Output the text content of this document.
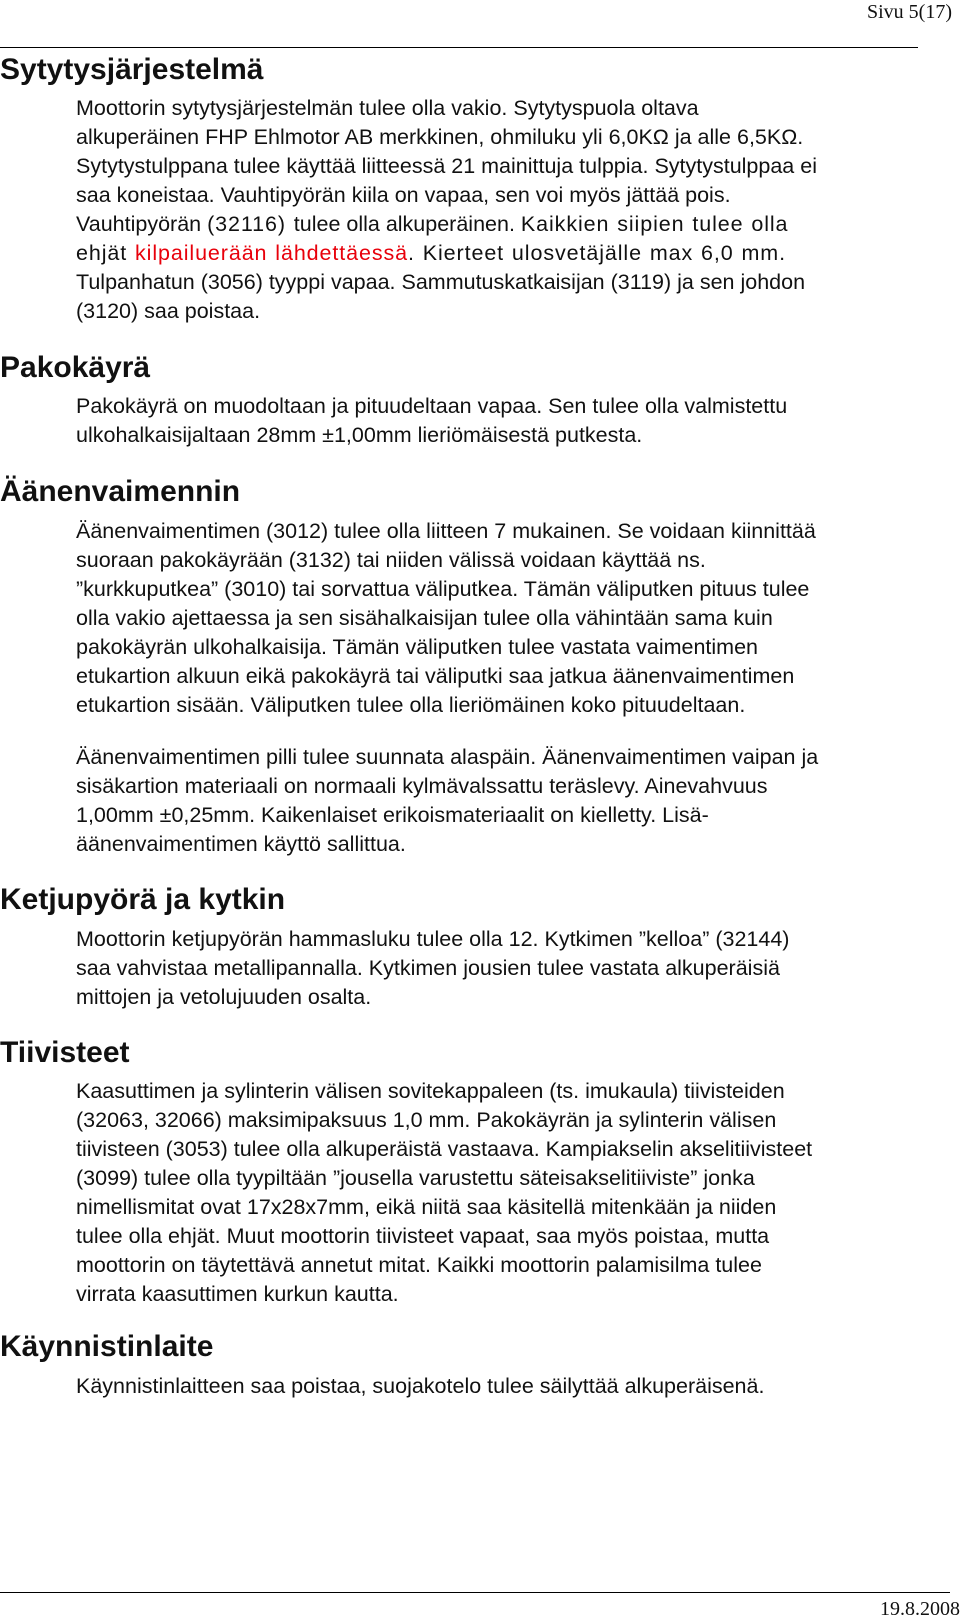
Sivu 5(17)
Sytytysjärjestelmä

Moottorin sytytysjärjestelmän tulee olla vakio. Sytytyspuola oltava
alkuperäinen FHP Ehlmotor AB merkkinen, ohmiluku yli 6,0KΩ ja alle 6,5KΩ.
Sytytystulppana tulee käyttää liitteessä 21 mainittuja tulppia. Sytytystulppaa ei
saa koneistaa. Vauhtipyörän kiila on vapaa, sen voi myös jättää pois.
Vauhtipyörän (32116) tulee olla alkuperäinen. Kaikkien siipien tulee olla
ehjät kilpailuerään lähdettäessä. Kierteet ulosvetäjälle max 6,0 mm.
Tulpanhatun (3056) tyyppi vapaa. Sammutuskatkaisijan (3119) ja sen johdon
(3120) saa poistaa.

Pakokäyrä

Pakokäyrä on muodoltaan ja pituudeltaan vapaa. Sen tulee olla valmistettu
ulkohalkaisijaltaan 28mm ±1,00mm lieriömäisestä putkesta.

Äänenvaimennin

Äänenvaimentimen (3012) tulee olla liitteen 7 mukainen. Se voidaan kiinnittää
suoraan pakokäyrään (3132) tai niiden välissä voidaan käyttää ns.
”kurkkuputkea” (3010) tai sorvattua väliputkea. Tämän väliputken pituus tulee
olla vakio ajettaessa ja sen sisähalkaisijan tulee olla vähintään sama kuin
pakokäyrän ulkohalkaisija. Tämän väliputken tulee vastata vaimentimen
etukartion alkuun eikä pakokäyrä tai väliputki saa jatkua äänenvaimentimen
etukartion sisään. Väliputken tulee olla lieriömäinen koko pituudeltaan.

Äänenvaimentimen pilli tulee suunnata alaspäin. Äänenvaimentimen vaipan ja
sisäkartion materiaali on normaali kylmävalssattu teräslevy. Ainevahvuus
1,00mm ±0,25mm. Kaikenlaiset erikoismateriaalit on kielletty. Lisä-
äänenvaimentimen käyttö sallittua.

Ketjupyörä ja kytkin

Moottorin ketjupyörän hammasluku tulee olla 12. Kytkimen ”kelloa” (32144)
saa vahvistaa metallipannalla. Kytkimen jousien tulee vastata alkuperäisiä
mittojen ja vetolujuuden osalta.

Tiivisteet

Kaasuttimen ja sylinterin välisen sovitekappaleen (ts. imukaula) tiivisteiden
(32063, 32066) maksimipaksuus 1,0 mm. Pakokäyrän ja sylinterin välisen
tiivisteen (3053) tulee olla alkuperäistä vastaava. Kampiakselin akselitiivisteet
(3099) tulee olla tyypiltään ”jousella varustettu säteisakselitiiviste” jonka
nimellismitat ovat 17x28x7mm, eikä niitä saa käsitellä mitenkään ja niiden
tulee olla ehjät. Muut moottorin tiivisteet vapaat, saa myös poistaa, mutta
moottorin on täytettävä annetut mitat. Kaikki moottorin palamisilma tulee
virrata kaasuttimen kurkun kautta.

Käynnistinlaite

Käynnistinlaitteen saa poistaa, suojakotelo tulee säilyttää alkuperäisenä.

19.8.2008
